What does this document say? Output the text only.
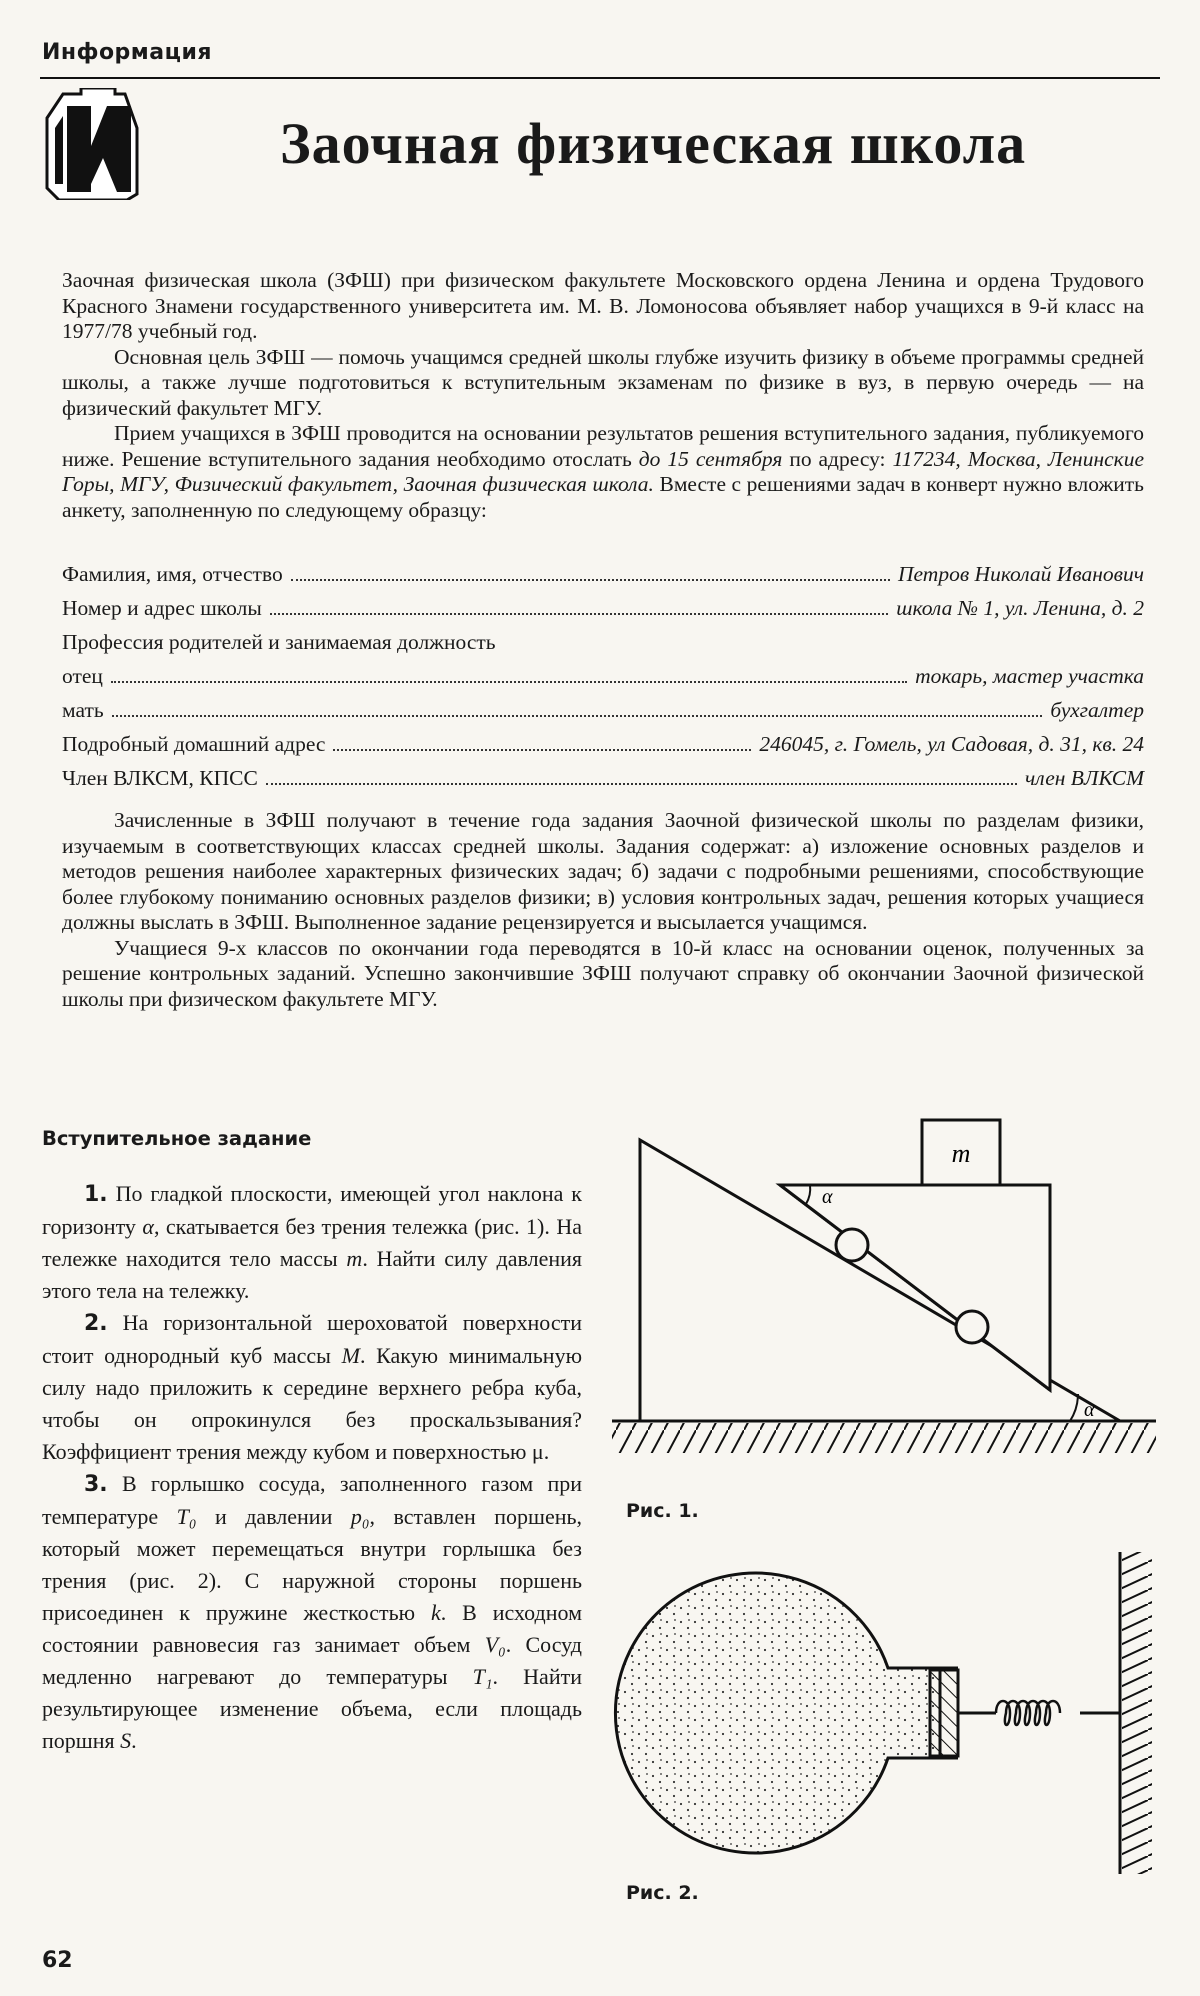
Информация
Заочная физическая школа

Заочная физическая школа (ЗФШ) при физическом факультете Московского ордена Ленина и ордена Трудового Красного Знамени государственного университета им. М. В. Ломоносова объявляет набор учащихся в 9-й класс на 1977/78 учебный год.

Основная цель ЗФШ — помочь учащимся средней школы глубже изучить физику в объеме программы средней школы, а также лучше подготовиться к вступительным экзаменам по физике в вуз, в первую очередь — на физический факультет МГУ.

Прием учащихся в ЗФШ проводится на основании результатов решения вступительного задания, публикуемого ниже. Решение вступительного задания необходимо отослать до 15 сентября по адресу: 117234, Москва, Ленинские Горы, МГУ, Физический факультет, Заочная физическая школа. Вместе с решениями задач в конверт нужно вложить анкету, заполненную по следующему образцу:

Фамилия, имя, отчество	Петров Николай Иванович
Номер и адрес школы	школа № 1, ул. Ленина, д. 2
Профессия родителей и занимаемая должность
отец	токарь, мастер участка
мать	бухгалтер
Подробный домашний адрес	246045, г. Гомель, ул Садовая, д. 31, кв. 24
Член ВЛКСМ, КПСС	член ВЛКСМ

Зачисленные в ЗФШ получают в течение года задания Заочной физической школы по разделам физики, изучаемым в соответствующих классах средней школы. Задания содержат: а) изложение основных разделов и методов решения наиболее характерных физических задач; б) задачи с подробными решениями, способствующие более глубокому пониманию основных разделов физики; в) условия контрольных задач, решения которых учащиеся должны выслать в ЗФШ. Выполненное задание рецензируется и высылается учащимся.

Учащиеся 9-х классов по окончании года переводятся в 10-й класс на основании оценок, полученных за решение контрольных заданий. Успешно закончившие ЗФШ получают справку об окончании Заочной физической школы при физическом факультете МГУ.

Вступительное задание

1. По гладкой плоскости, имеющей угол наклона к горизонту α, скатывается без трения тележка (рис. 1). На тележке находится тело массы m. Найти силу давления этого тела на тележку.

2. На горизонтальной шероховатой поверхности стоит однородный куб массы M. Какую минимальную силу надо приложить к середине верхнего ребра куба, чтобы он опрокинулся без проскальзывания? Коэффициент трения между кубом и поверхностью μ.

3. В горлышко сосуда, заполненного газом при температуре T₀ и давлении p₀, вставлен поршень, который может перемещаться внутри горлышка без трения (рис. 2). С наружной стороны поршень присоединен к пружине жесткостью k. В исходном состоянии равновесия газ занимает объем V₀. Сосуд медленно нагревают до температуры T₁. Найти результирующее изменение объема, если площадь поршня S.

m
α
α
Рис. 1.
Рис. 2.
62
